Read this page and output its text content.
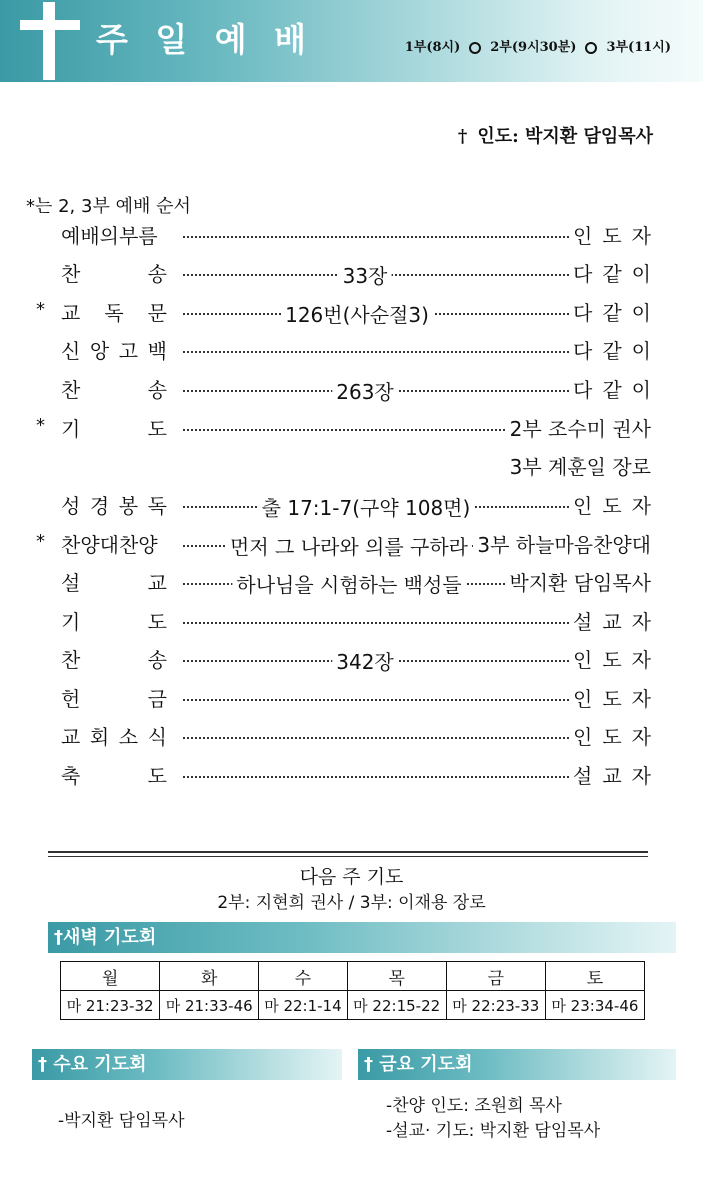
주 일 예 배	1부(8시) 2부(9시30분) 3부(11시)
† 인도: 박지환 담임목사
*는 2, 3부 예배 순서
예배의부름	인 도 자
찬	송	33장	다 같 이
* 교 독 문	126번(사순절3)	다 같 이
신 앙 고 백	다 같 이
찬	송	263장	다 같 이
* 기	도	2부 조수미 권사
3부 계훈일 장로
성 경 봉 독	출 17:1-7(구약 108면)	인 도 자
* 찬양대찬양	먼저 그 나라와 의를 구하라 3부 하늘마음찬양대
설	교	하나님을 시험하는 백성들 박지환 담임목사
기	도	설 교 자
찬	송	342장	인 도 자
헌	금	인 도 자
교 회 소 식	인 도 자
축	도	설 교 자
다음 주 기도
2부: 지현희 권사 / 3부: 이재용 장로
†새벽 기도회
월	화	수	목	금	토
마 21:23-32	마 21:33-46	마 22:1-14	마 22:15-22	마 22:23-33	마 23:34-46
† 수요 기도회
-박지환 담임목사
† 금요 기도회
-찬양 인도: 조원희 목사
-설교· 기도: 박지환 담임목사
